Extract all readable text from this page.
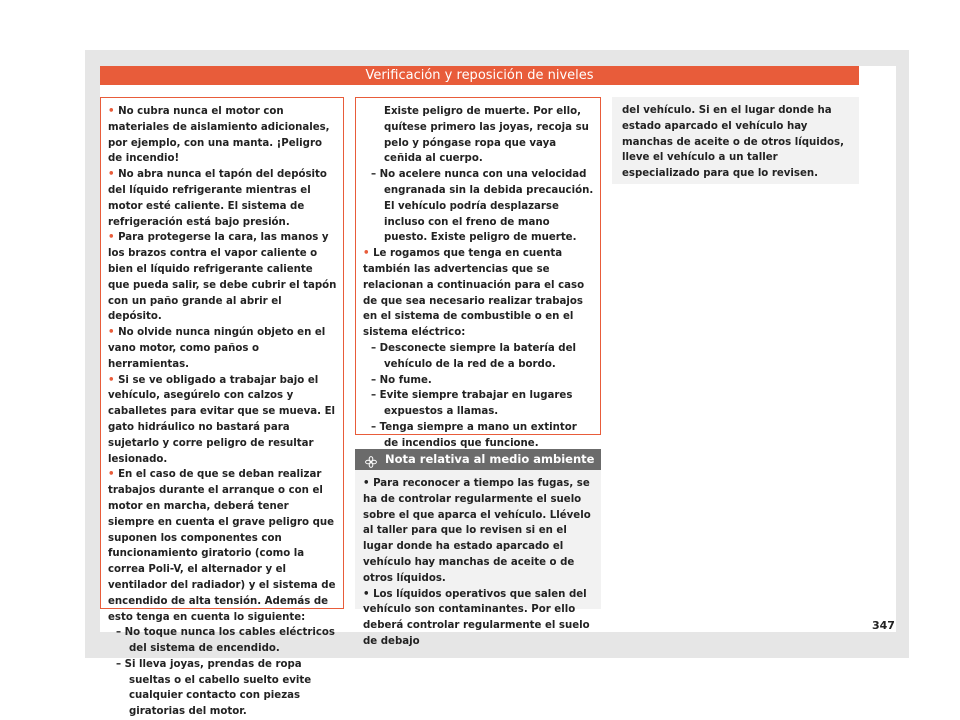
Verificación y reposición de niveles

• No cubra nunca el motor con materiales de aislamiento adicionales, por ejemplo, con una manta. ¡Peligro de incendio!

• No abra nunca el tapón del depósito del líquido refrigerante mientras el motor esté caliente. El sistema de refrigeración está bajo presión.

• Para protegerse la cara, las manos y los brazos contra el vapor caliente o bien el líquido refrigerante caliente que pueda salir, se debe cubrir el tapón con un paño grande al abrir el depósito.

• No olvide nunca ningún objeto en el vano motor, como paños o herramientas.

• Si se ve obligado a trabajar bajo el vehículo, asegúrelo con calzos y caballetes para evitar que se mueva. El gato hidráulico no bastará para sujetarlo y corre peligro de resultar lesionado.

• En el caso de que se deban realizar trabajos durante el arranque o con el motor en marcha, deberá tener siempre en cuenta el grave peligro que suponen los componentes con funcionamiento giratorio (como la correa Poli-V, el alternador y el ventilador del radiador) y el sistema de encendido de alta tensión. Además de esto tenga en cuenta lo siguiente:

– No toque nunca los cables eléctricos del sistema de encendido.

– Si lleva joyas, prendas de ropa sueltas o el cabello suelto evite cualquier contacto con piezas giratorias del motor.

Existe peligro de muerte. Por ello, quítese primero las joyas, recoja su pelo y póngase ropa que vaya ceñida al cuerpo.

– No acelere nunca con una velocidad engranada sin la debida precaución. El vehículo podría desplazarse incluso con el freno de mano puesto. Existe peligro de muerte.

• Le rogamos que tenga en cuenta también las advertencias que se relacionan a continuación para el caso de que sea necesario realizar trabajos en el sistema de combustible o en el sistema eléctrico:

– Desconecte siempre la batería del vehículo de la red de a bordo.

– No fume.

– Evite siempre trabajar en lugares expuestos a llamas.

– Tenga siempre a mano un extintor de incendios que funcione.

Nota relativa al medio ambiente

• Para reconocer a tiempo las fugas, se ha de controlar regularmente el suelo sobre el que aparca el vehículo. Llévelo al taller para que lo revisen si en el lugar donde ha estado aparcado el vehículo hay manchas de aceite o de otros líquidos.

• Los líquidos operativos que salen del vehículo son contaminantes. Por ello deberá controlar regularmente el suelo de debajo

del vehículo. Si en el lugar donde ha estado aparcado el vehículo hay manchas de aceite o de otros líquidos, lleve el vehículo a un taller especializado para que lo revisen.

347
